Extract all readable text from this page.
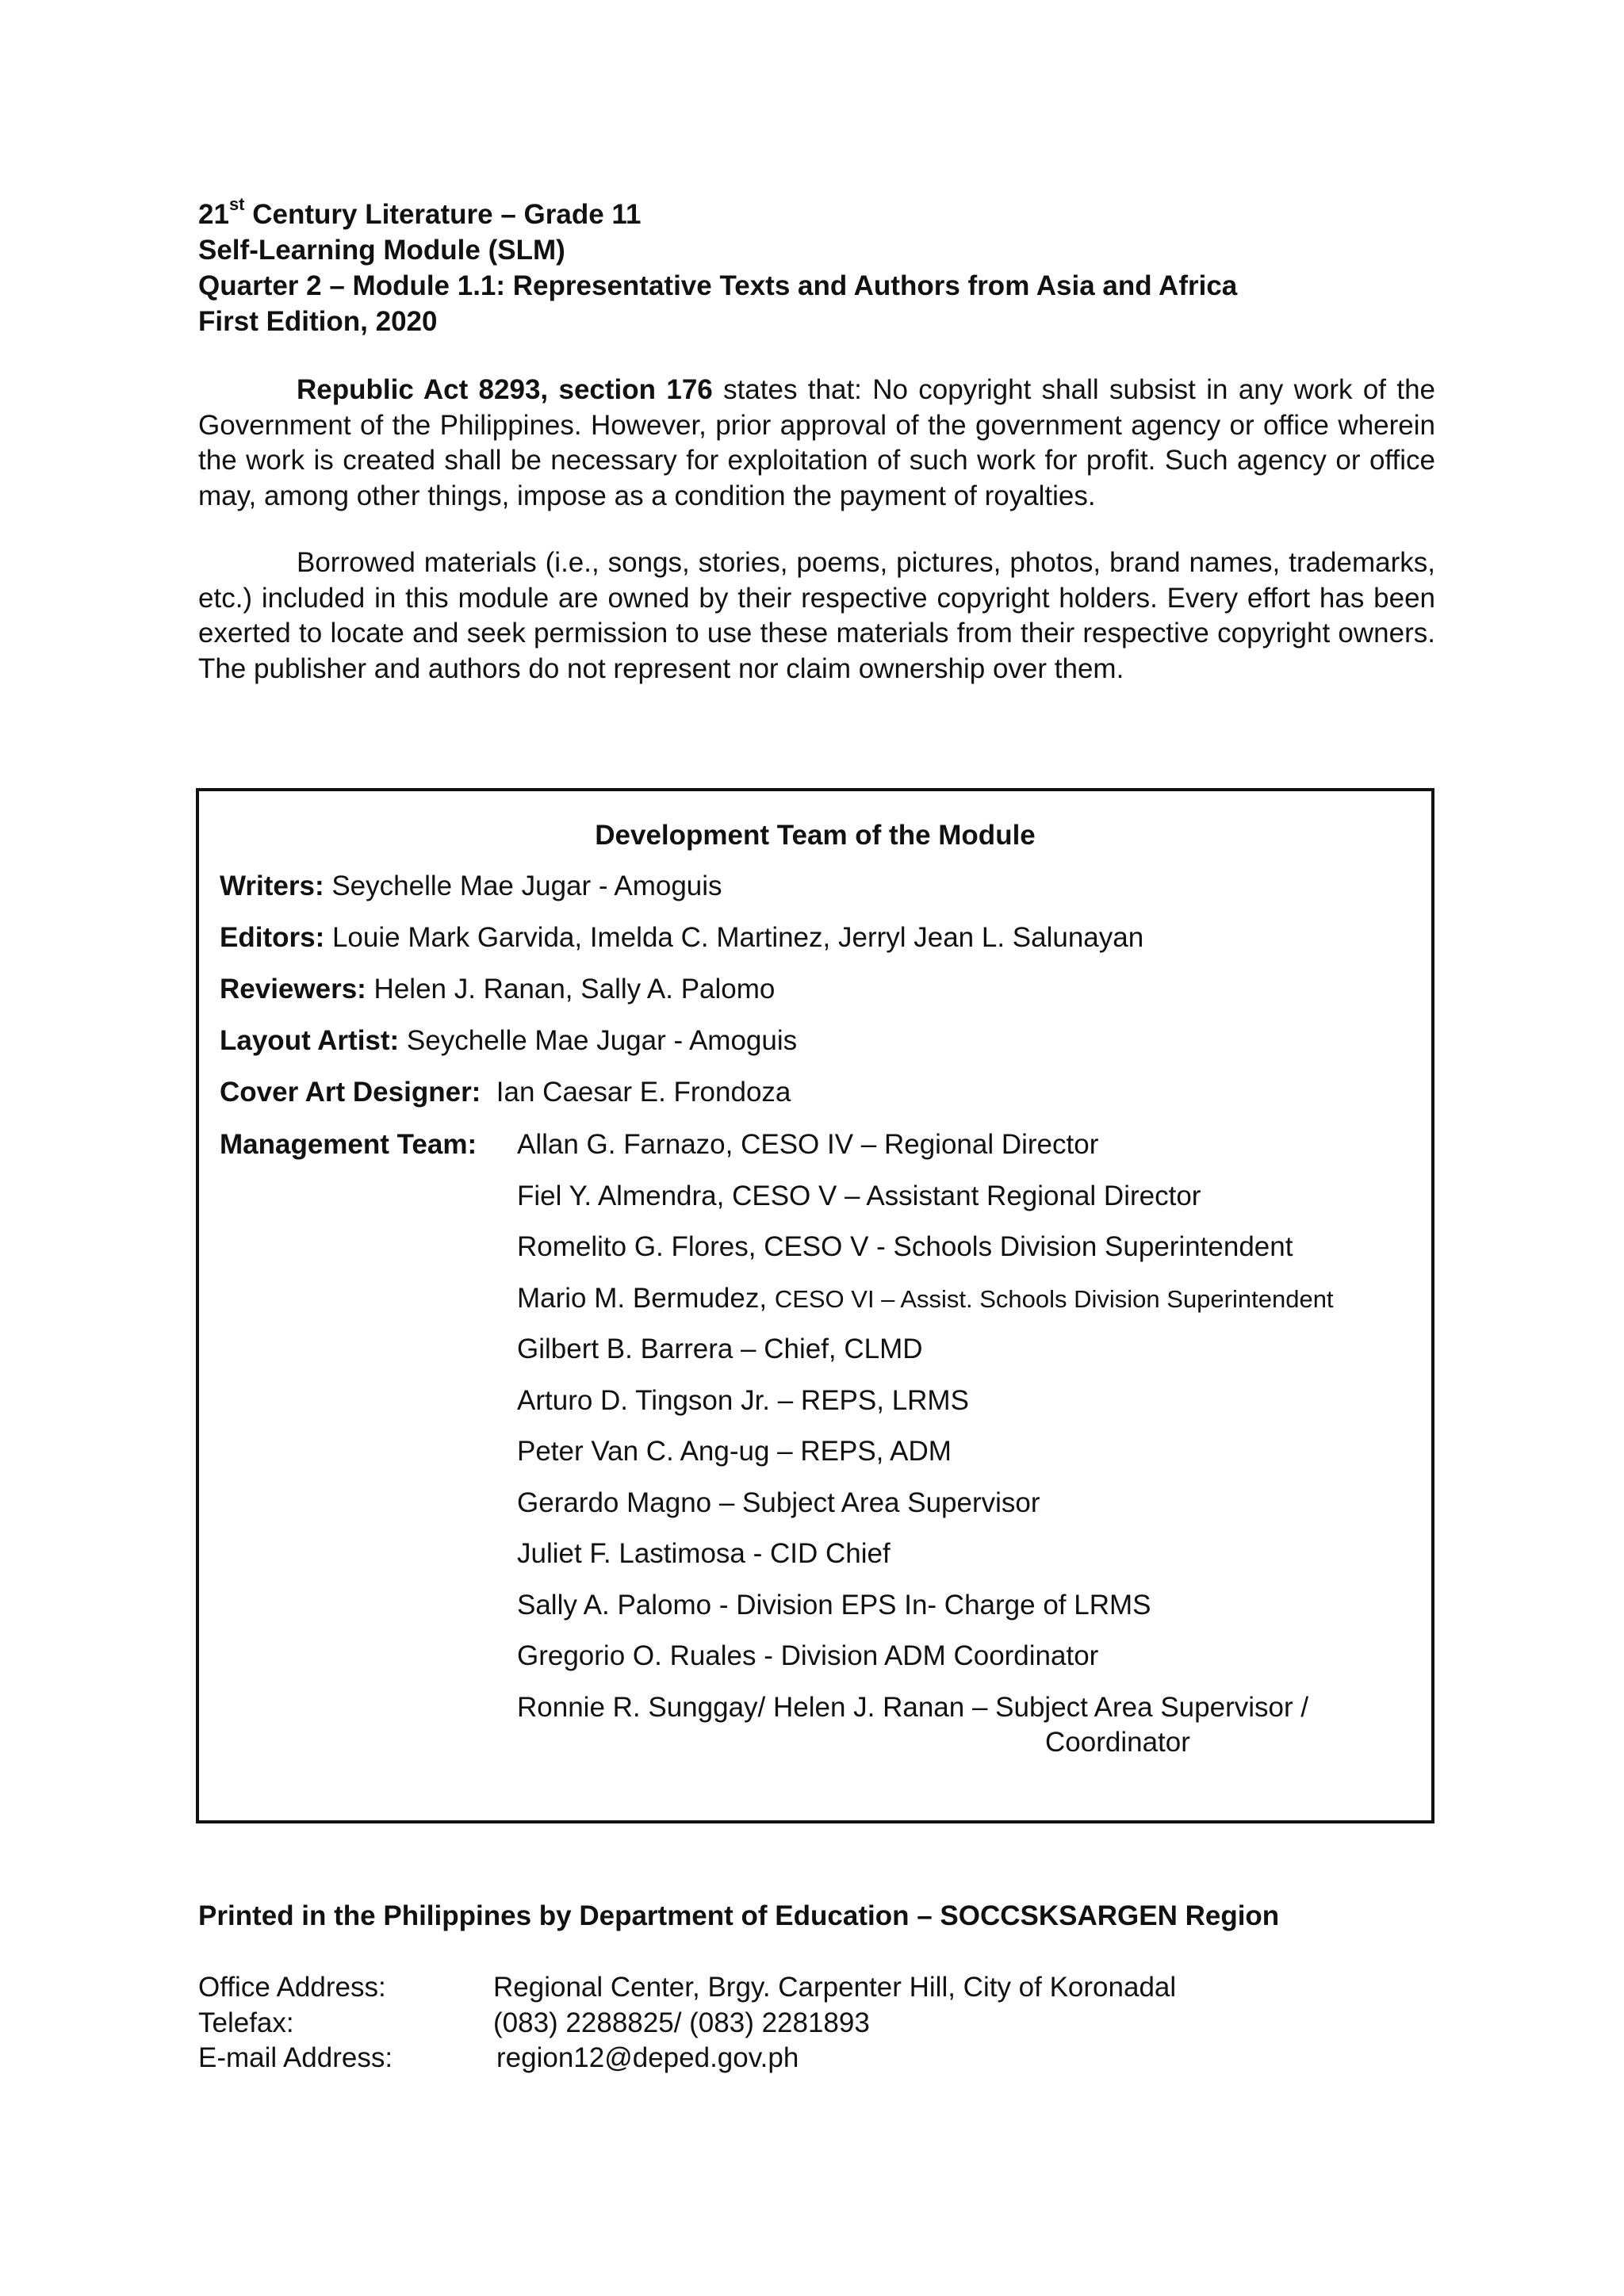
21st Century Literature – Grade 11
Self-Learning Module (SLM)
Quarter 2 – Module 1.1: Representative Texts and Authors from Asia and Africa
First Edition, 2020
Republic Act 8293, section 176 states that: No copyright shall subsist in any work of the Government of the Philippines. However, prior approval of the government agency or office wherein the work is created shall be necessary for exploitation of such work for profit. Such agency or office may, among other things, impose as a condition the payment of royalties.
Borrowed materials (i.e., songs, stories, poems, pictures, photos, brand names, trademarks, etc.) included in this module are owned by their respective copyright holders. Every effort has been exerted to locate and seek permission to use these materials from their respective copyright owners. The publisher and authors do not represent nor claim ownership over them.
Development Team of the Module
Writers: Seychelle Mae Jugar - Amoguis
Editors: Louie Mark Garvida, Imelda C. Martinez, Jerryl Jean L. Salunayan
Reviewers: Helen J. Ranan, Sally A. Palomo
Layout Artist: Seychelle Mae Jugar - Amoguis
Cover Art Designer:  Ian Caesar E. Frondoza
Management Team: Allan G. Farnazo, CESO IV – Regional Director
Fiel Y. Almendra, CESO V – Assistant Regional Director
Romelito G. Flores, CESO V - Schools Division Superintendent
Mario M. Bermudez, CESO VI – Assist. Schools Division Superintendent
Gilbert B. Barrera – Chief, CLMD
Arturo D. Tingson Jr. – REPS, LRMS
Peter Van C. Ang-ug – REPS, ADM
Gerardo Magno – Subject Area Supervisor
Juliet F. Lastimosa - CID Chief
Sally A. Palomo - Division EPS In- Charge of LRMS
Gregorio O. Ruales - Division ADM Coordinator
Ronnie R. Sunggay/ Helen J. Ranan – Subject Area Supervisor /
Coordinator
Printed in the Philippines by Department of Education – SOCCSKSARGEN Region
Office Address:	Regional Center, Brgy. Carpenter Hill, City of Koronadal
Telefax:	(083) 2288825/ (083) 2281893
E-mail Address:	region12@deped.gov.ph
